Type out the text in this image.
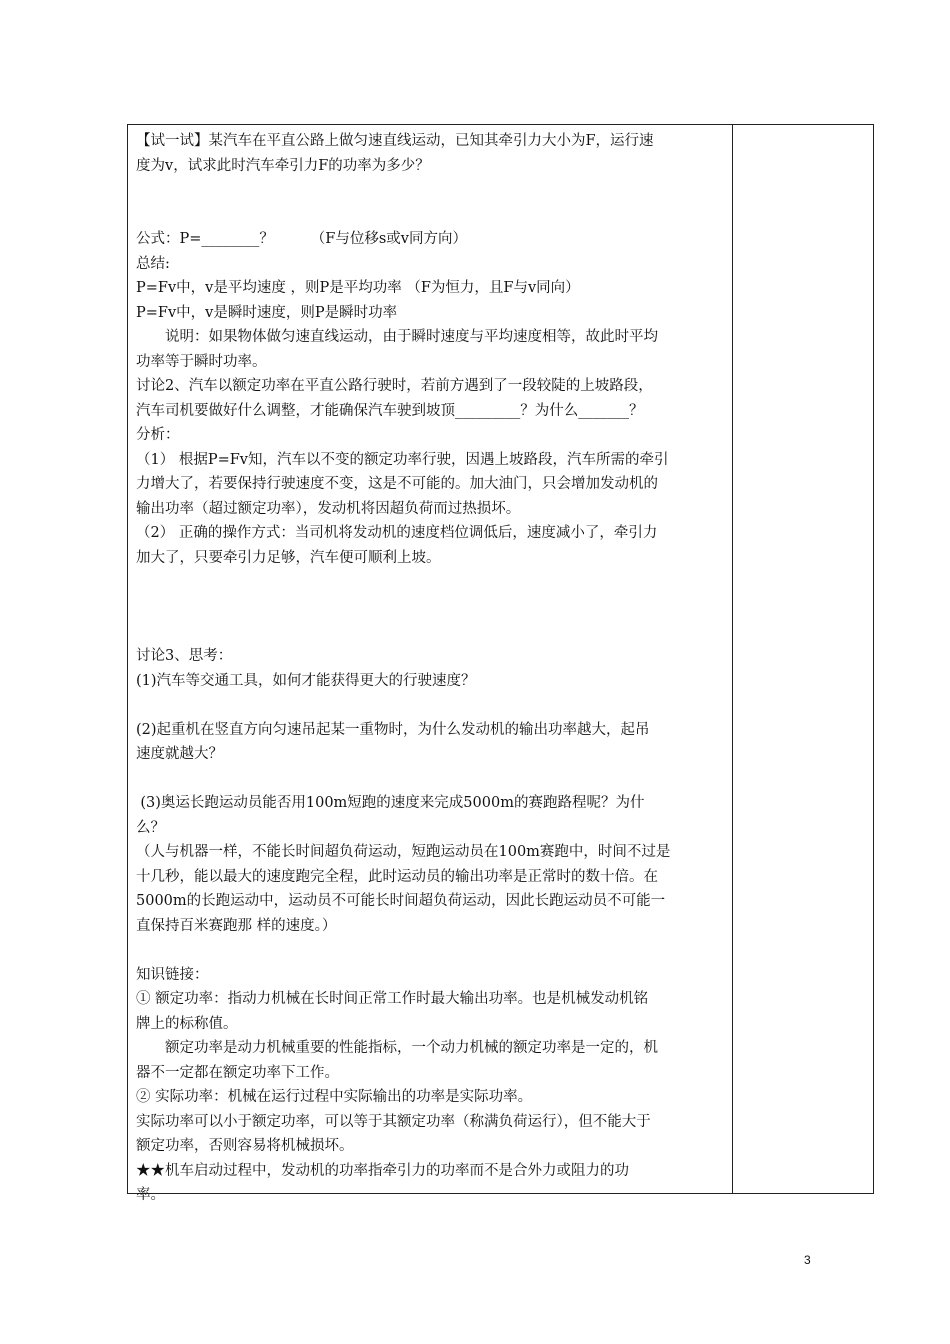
【试一试】某汽车在平直公路上做匀速直线运动，已知其牵引力大小为F，运行速

度为v，试求此时汽车牵引力F的功率为多少？

公式：P=________？        （F与位移s或v同方向）

总结:

P=Fv中，v是平均速度 ，则P是平均功率 （F为恒力，且F与v同向）

P=Fv中，v是瞬时速度，则P是瞬时功率

说明：如果物体做匀速直线运动，由于瞬时速度与平均速度相等，故此时平均

功率等于瞬时功率。

讨论2、汽车以额定功率在平直公路行驶时，若前方遇到了一段较陡的上坡路段，

汽车司机要做好什么调整，才能确保汽车驶到坡顶_________？为什么_______？

分析：

（1） 根据P=Fv知，汽车以不变的额定功率行驶，因遇上坡路段，汽车所需的牵引

力增大了，若要保持行驶速度不变，这是不可能的。加大油门，只会增加发动机的

输出功率（超过额定功率），发动机将因超负荷而过热损坏。

（2） 正确的操作方式：当司机将发动机的速度档位调低后，速度减小了，牵引力

加大了，只要牵引力足够，汽车便可顺利上坡。

讨论3、思考：

(1)汽车等交通工具，如何才能获得更大的行驶速度？

(2)起重机在竖直方向匀速吊起某一重物时，为什么发动机的输出功率越大，起吊

速度就越大？

(3)奥运长跑运动员能否用100m短跑的速度来完成5000m的赛跑路程呢？为什

么？

（人与机器一样，不能长时间超负荷运动，短跑运动员在100m赛跑中，时间不过是

十几秒，能以最大的速度跑完全程，此时运动员的输出功率是正常时的数十倍。在

5000m的长跑运动中，运动员不可能长时间超负荷运动，因此长跑运动员不可能一

直保持百米赛跑那 样的速度。）

知识链接：

① 额定功率：指动力机械在长时间正常工作时最大输出功率。也是机械发动机铭

牌上的标称值。

额定功率是动力机械重要的性能指标，一个动力机械的额定功率是一定的，机

器不一定都在额定功率下工作。

② 实际功率：机械在运行过程中实际输出的功率是实际功率。

实际功率可以小于额定功率，可以等于其额定功率（称满负荷运行），但不能大于

额定功率，否则容易将机械损坏。

★★机车启动过程中，发动机的功率指牵引力的功率而不是合外力或阻力的功

率。

3
